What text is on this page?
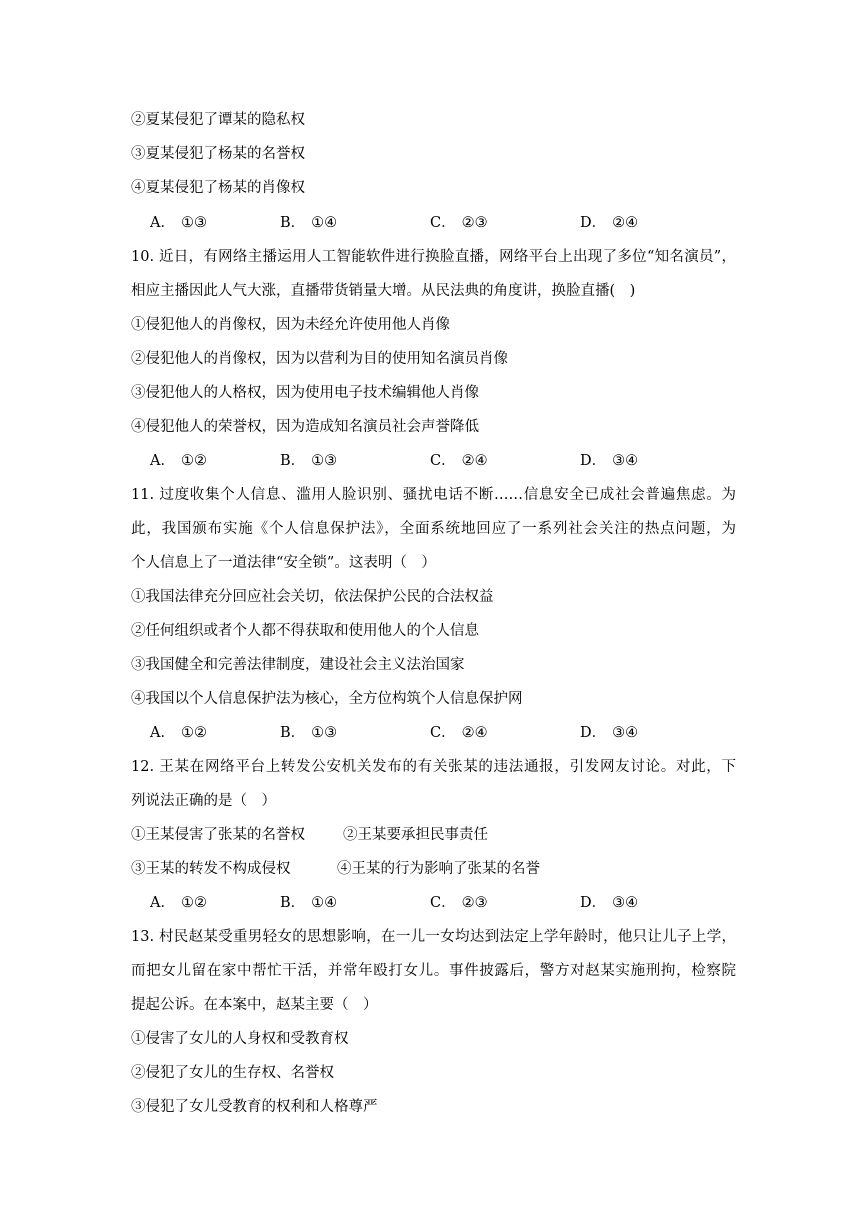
②夏某侵犯了谭某的隐私权
③夏某侵犯了杨某的名誉权
④夏某侵犯了杨某的肖像权
A． ①③	B． ①④	C． ②③	D． ②④
10. 近日，有网络主播运用人工智能软件进行换脸直播，网络平台上出现了多位“知名演员”，
相应主播因此人气大涨，直播带货销量大增。从民法典的角度讲，换脸直播(　)
①侵犯他人的肖像权，因为未经允许使用他人肖像
②侵犯他人的肖像权，因为以营利为目的使用知名演员肖像
③侵犯他人的人格权，因为使用电子技术编辑他人肖像
④侵犯他人的荣誉权，因为造成知名演员社会声誉降低
A． ①②	B． ①③	C． ②④	D． ③④
11. 过度收集个人信息、滥用人脸识别、骚扰电话不断……信息安全已成社会普遍焦虑。为
此，我国颁布实施《个人信息保护法》，全面系统地回应了一系列社会关注的热点问题，为
个人信息上了一道法律“安全锁”。这表明（　）
①我国法律充分回应社会关切，依法保护公民的合法权益
②任何组织或者个人都不得获取和使用他人的个人信息
③我国健全和完善法律制度，建设社会主义法治国家
④我国以个人信息保护法为核心，全方位构筑个人信息保护网
A． ①②	B． ①③	C． ②④	D． ③④
12. 王某在网络平台上转发公安机关发布的有关张某的违法通报，引发网友讨论。对此，下
列说法正确的是（　）
①王某侵害了张某的名誉权	②王某要承担民事责任
③王某的转发不构成侵权	④王某的行为影响了张某的名誉
A． ①②	B． ①④	C． ②③	D． ③④
13. 村民赵某受重男轻女的思想影响，在一儿一女均达到法定上学年龄时，他只让儿子上学，
而把女儿留在家中帮忙干活，并常年殴打女儿。事件披露后，警方对赵某实施刑拘，检察院
提起公诉。在本案中，赵某主要（　）
①侵害了女儿的人身权和受教育权
②侵犯了女儿的生存权、名誉权
③侵犯了女儿受教育的权利和人格尊严
